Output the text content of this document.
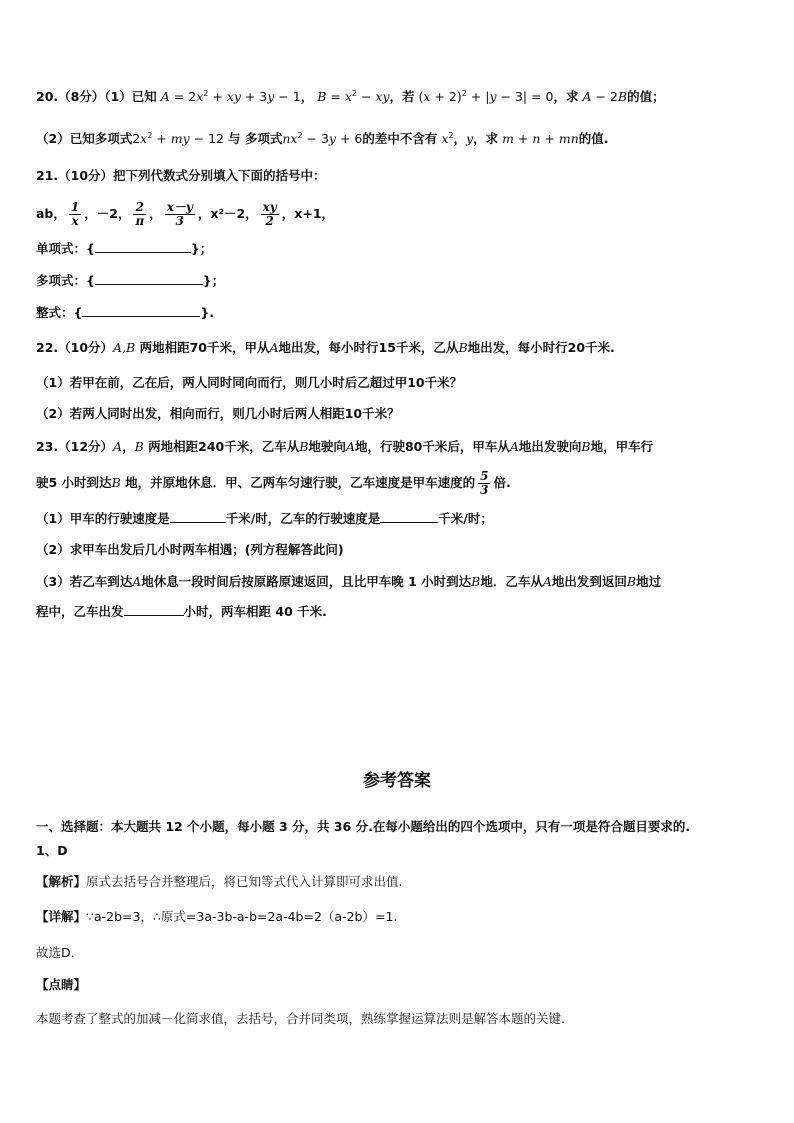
20.（8分）（1）已知 $A = 2x^2$ + xy + 3y − 1， $B = x^2$ − xy，若 $(x + 2)^2 + |y - 3| = 0$，求 A − 2B的值；
（2）已知多项式$2x^2$ + my − 12 与 多项式$nx^2 - 3y + 6$的差中不含有 $x^2$，y，求 m + n + mn的值.
21.（10分）把下列代数式分别填入下面的括号中：
ab， $\frac{1}{x}$ ，－2， $\frac{2}{\pi}$ ， $\frac{x-y}{3}$ ，x²－2， $\frac{xy}{2}$ ，x+1，
单项式：{	}；
多项式：{	}；
整式：{	}.
22.（10分）A,B 两地相距70千米，甲从A地出发，每小时行15千米，乙从B地出发，每小时行20千米.
（1）若甲在前，乙在后，两人同时同向而行，则几小时后乙超过甲10千米？
（2）若两人同时出发，相向而行，则几小时后两人相距10千米？
23.（12分）A，B 两地相距240千米，乙车从B地驶向A地，行驶80千米后，甲车从A地出发驶向B地，甲车行
驶5 小时到达B 地，并原地休息．甲、乙两车匀速行驶，乙车速度是甲车速度的 $\frac{5}{3}$ 倍.
（1）甲车的行驶速度是	千米/时，乙车的行驶速度是	千米/时；
（2）求甲车出发后几小时两车相遇；(列方程解答此问)
（3）若乙车到达A地休息一段时间后按原路原速返回，且比甲车晚 1 小时到达B地．乙车从A地出发到返回B地过
程中，乙车出发	小时，两车相距 40 千米.
参考答案
一、选择题：本大题共 12 个小题，每小题 3 分，共 36 分.在每小题给出的四个选项中，只有一项是符合题目要求的.
1、D
【解析】原式去括号合并整理后，将已知等式代入计算即可求出值.
【详解】∵a-2b=3，∴原式=3a-3b-a-b=2a-4b=2（a-2b）=1.
故选D.
【点睛】
本题考查了整式的加减－化简求值，去括号，合并同类项，熟练掌握运算法则是解答本题的关键.
